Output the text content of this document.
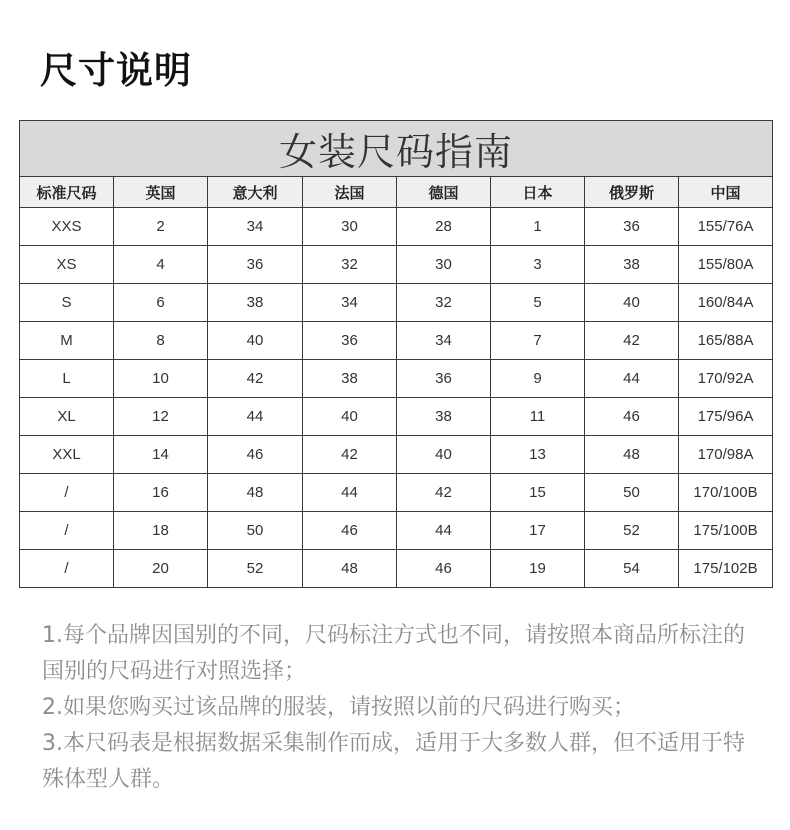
尺寸说明
女装尺码指南							
标准尺码	英国	意大利	法国	德国	日本	俄罗斯	中国
XXS	2	34	30	28	1	36	155/76A
XS	4	36	32	30	3	38	155/80A
S	6	38	34	32	5	40	160/84A
M	8	40	36	34	7	42	165/88A
L	10	42	38	36	9	44	170/92A
XL	12	44	40	38	11	46	175/96A
XXL	14	46	42	40	13	48	170/98A
/	16	48	44	42	15	50	170/100B
/	18	50	46	44	17	52	175/100B
/	20	52	48	46	19	54	175/102B

1.每个品牌因国别的不同，尺码标注方式也不同，请按照本商品所标注的国别的尺码进行对照选择；

2.如果您购买过该品牌的服装，请按照以前的尺码进行购买；

3.本尺码表是根据数据采集制作而成，适用于大多数人群，但不适用于特殊体型人群。
